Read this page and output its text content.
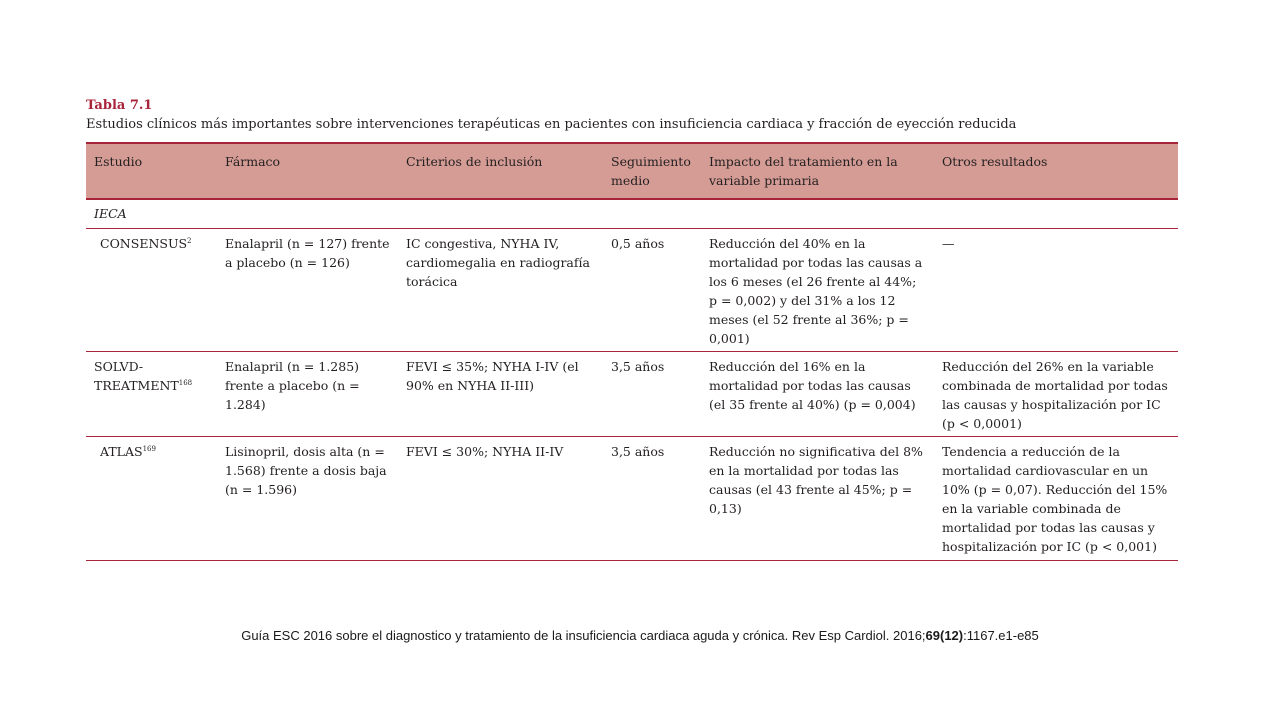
Tabla 7.1

Estudios clínicos más importantes sobre intervenciones terapéuticas en pacientes con insuficiencia cardiaca y fracción de eyección reducida

Estudio	Fármaco	Criterios de inclusión	Seguimiento medio	Impacto del tratamiento en la variable primaria	Otros resultados
IECA					
CONSENSUS$^2$	Enalapril (n = 127) frente a placebo (n = 126)	IC congestiva, NYHA IV, cardiomegalia en radiografía torácica	0,5 años	Reducción del 40% en la mortalidad por todas las causas a los 6 meses (el 26 frente al 44%; p = 0,002) y del 31% a los 12 meses (el 52 frente al 36%; p = 0,001)	—
SOLVD-TREATMENT$^{168}$	Enalapril (n = 1.285) frente a placebo (n = 1.284)	FEVI ≤ 35%; NYHA I-IV (el 90% en NYHA II-III)	3,5 años	Reducción del 16% en la mortalidad por todas las causas (el 35 frente al 40%) (p = 0,004)	Reducción del 26% en la variable combinada de mortalidad por todas las causas y hospitalización por IC (p < 0,0001)
ATLAS$^{169}$	Lisinopril, dosis alta (n = 1.568) frente a dosis baja (n = 1.596)	FEVI ≤ 30%; NYHA II-IV	3,5 años	Reducción no significativa del 8% en la mortalidad por todas las causas (el 43 frente al 45%; p = 0,13)	Tendencia a reducción de la mortalidad cardiovascular en un 10% (p = 0,07). Reducción del 15% en la variable combinada de mortalidad por todas las causas y hospitalización por IC (p < 0,001)
Guía ESC 2016 sobre el diagnostico y tratamiento de la insuficiencia cardiaca aguda y crónica. Rev Esp Cardiol. 2016;69(12):1167.e1-e85
